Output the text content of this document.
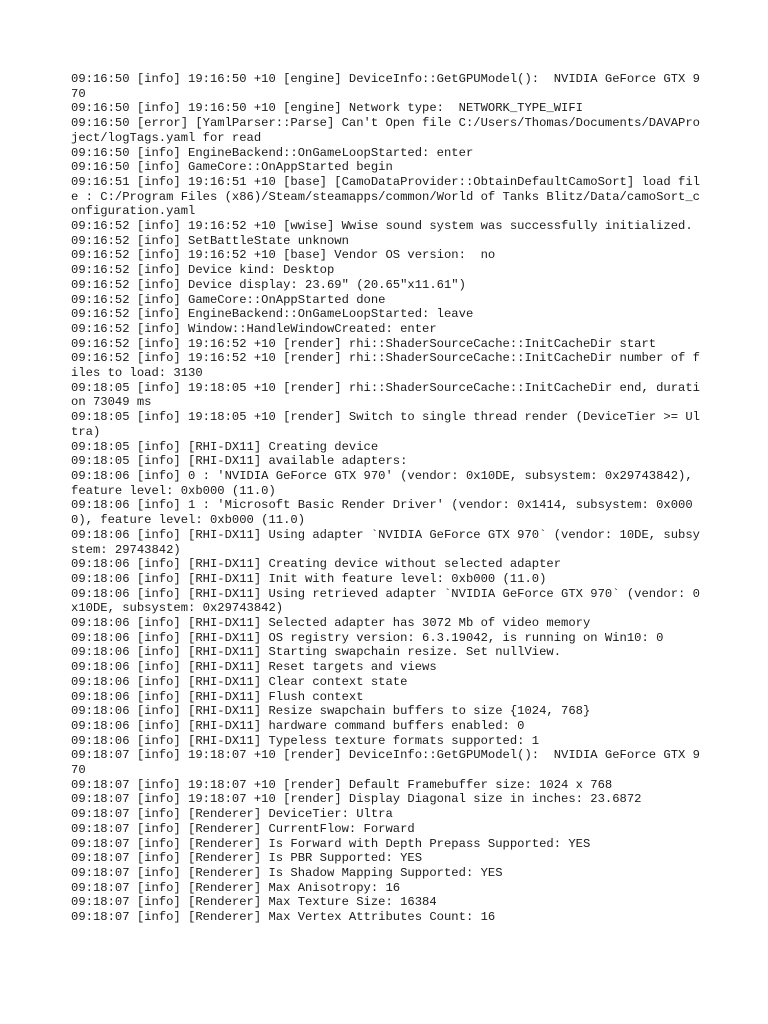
09:16:50 [info] 19:16:50 +10 [engine] DeviceInfo::GetGPUModel():  NVIDIA GeForce GTX 970
09:16:50 [info] 19:16:50 +10 [engine] Network type:  NETWORK_TYPE_WIFI
09:16:50 [error] [YamlParser::Parse] Can't Open file C:/Users/Thomas/Documents/DAVAProject/logTags.yaml for read
09:16:50 [info] EngineBackend::OnGameLoopStarted: enter
09:16:50 [info] GameCore::OnAppStarted begin
09:16:51 [info] 19:16:51 +10 [base] [CamoDataProvider::ObtainDefaultCamoSort] load file : C:/Program Files (x86)/Steam/steamapps/common/World of Tanks Blitz/Data/camoSort_configuration.yaml
09:16:52 [info] 19:16:52 +10 [wwise] Wwise sound system was successfully initialized.
09:16:52 [info] SetBattleState unknown
09:16:52 [info] 19:16:52 +10 [base] Vendor OS version:  no
09:16:52 [info] Device kind: Desktop
09:16:52 [info] Device display: 23.69" (20.65"x11.61")
09:16:52 [info] GameCore::OnAppStarted done
09:16:52 [info] EngineBackend::OnGameLoopStarted: leave
09:16:52 [info] Window::HandleWindowCreated: enter
09:16:52 [info] 19:16:52 +10 [render] rhi::ShaderSourceCache::InitCacheDir start
09:16:52 [info] 19:16:52 +10 [render] rhi::ShaderSourceCache::InitCacheDir number of files to load: 3130
09:18:05 [info] 19:18:05 +10 [render] rhi::ShaderSourceCache::InitCacheDir end, duration 73049 ms
09:18:05 [info] 19:18:05 +10 [render] Switch to single thread render (DeviceTier >= Ultra)
09:18:05 [info] [RHI-DX11] Creating device
09:18:05 [info] [RHI-DX11] available adapters:
09:18:06 [info] 0 : 'NVIDIA GeForce GTX 970' (vendor: 0x10DE, subsystem: 0x29743842), feature level: 0xb000 (11.0)
09:18:06 [info] 1 : 'Microsoft Basic Render Driver' (vendor: 0x1414, subsystem: 0x0000), feature level: 0xb000 (11.0)
09:18:06 [info] [RHI-DX11] Using adapter `NVIDIA GeForce GTX 970` (vendor: 10DE, subsystem: 29743842)
09:18:06 [info] [RHI-DX11] Creating device without selected adapter
09:18:06 [info] [RHI-DX11] Init with feature level: 0xb000 (11.0)
09:18:06 [info] [RHI-DX11] Using retrieved adapter `NVIDIA GeForce GTX 970` (vendor: 0x10DE, subsystem: 0x29743842)
09:18:06 [info] [RHI-DX11] Selected adapter has 3072 Mb of video memory
09:18:06 [info] [RHI-DX11] OS registry version: 6.3.19042, is running on Win10: 0
09:18:06 [info] [RHI-DX11] Starting swapchain resize. Set nullView.
09:18:06 [info] [RHI-DX11] Reset targets and views
09:18:06 [info] [RHI-DX11] Clear context state
09:18:06 [info] [RHI-DX11] Flush context
09:18:06 [info] [RHI-DX11] Resize swapchain buffers to size {1024, 768}
09:18:06 [info] [RHI-DX11] hardware command buffers enabled: 0
09:18:06 [info] [RHI-DX11] Typeless texture formats supported: 1
09:18:07 [info] 19:18:07 +10 [render] DeviceInfo::GetGPUModel():  NVIDIA GeForce GTX 970
09:18:07 [info] 19:18:07 +10 [render] Default Framebuffer size: 1024 x 768
09:18:07 [info] 19:18:07 +10 [render] Display Diagonal size in inches: 23.6872
09:18:07 [info] [Renderer] DeviceTier: Ultra
09:18:07 [info] [Renderer] CurrentFlow: Forward
09:18:07 [info] [Renderer] Is Forward with Depth Prepass Supported: YES
09:18:07 [info] [Renderer] Is PBR Supported: YES
09:18:07 [info] [Renderer] Is Shadow Mapping Supported: YES
09:18:07 [info] [Renderer] Max Anisotropy: 16
09:18:07 [info] [Renderer] Max Texture Size: 16384
09:18:07 [info] [Renderer] Max Vertex Attributes Count: 16
